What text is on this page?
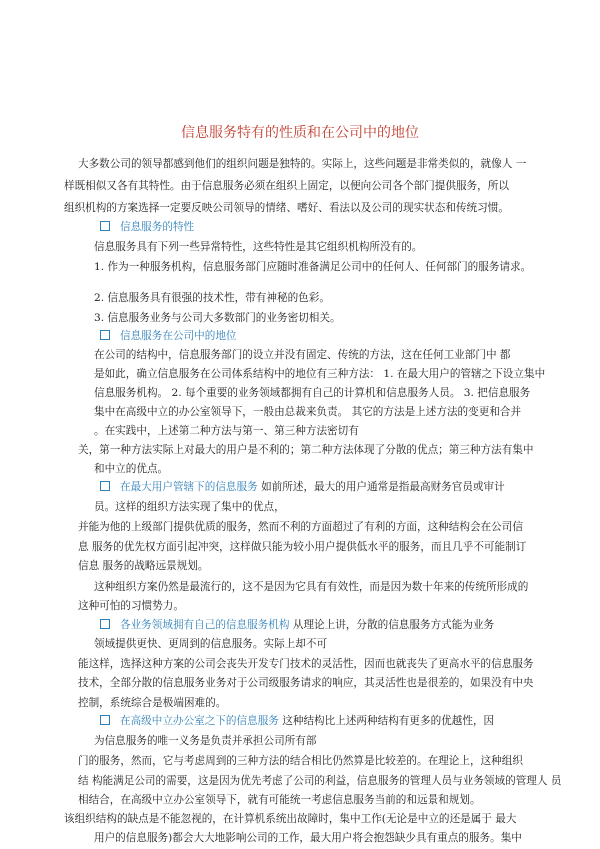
信息服务特有的性质和在公司中的地位
大多数公司的领导都感到他们的组织问题是独特的。实际上，这些问题是非常类似的，就像人 一
样既相似又各有其特性。由于信息服务必须在组织上固定，以便向公司各个部门提供服务，所以
组织机构的方案选择一定要反映公司领导的情绪、嗜好、看法以及公司的现实状态和传统习惯。
信息服务的特性
信息服务具有下列一些异常特性，这些特性是其它组织机构所没有的。
1. 作为一种服务机构，信息服务部门应随时准备满足公司中的任何人、任何部门的服务请求。
2. 信息服务具有很强的技术性，带有神秘的色彩。
3. 信息服务业务与公司大多数部门的业务密切相关。
信息服务在公司中的地位
在公司的结构中，信息服务部门的设立并没有固定、传统的方法，这在任何工业部门中 都
是如此，确立信息服务在公司体系结构中的地位有三种方法： 1. 在最大用户的管辖之下设立集中
信息服务机构。 2. 每个重要的业务领域都拥有自己的计算机和信息服务人员。 3. 把信息服务
集中在高级中立的办公室领导下，一般由总裁来负责。 其它的方法是上述方法的变更和合并
。在实践中，上述第二种方法与第一、第三种方法密切有
关，第一种方法实际上对最大的用户是不利的；第二种方法体现了分散的优点；第三种方法有集中
和中立的优点。
在最大用户管辖下的信息服务 如前所述，最大的用户通常是指最高财务官员或审计
员。这样的组织方法实现了集中的优点，
并能为他的上级部门提供优质的服务，然而不利的方面超过了有利的方面，这种结构会在公司信
息 服务的优先权方面引起冲突，这样做只能为较小用户提供低水平的服务，而且几乎不可能制订
信息 服务的战略远景规划。
这种组织方案仍然是最流行的，这不是因为它具有有效性，而是因为数十年来的传统所形成的
这种可怕的习惯势力。
各业务领域拥有自己的信息服务机构 从理论上讲，分散的信息服务方式能为业务
领域提供更快、更周到的信息服务。实际上却不可
能这样，选择这种方案的公司会丧失开发专门技术的灵活性，因而也就丧失了更高水平的信息服务
技术，全部分散的信息服务业务对于公司级服务请求的响应，其灵活性也是很差的，如果没有中央
控制，系统综合是极端困难的。
在高级中立办公室之下的信息服务 这种结构比上述两种结构有更多的优越性，因
为信息服务的唯一义务是负责并承担公司所有部
门的服务，然而，它与考虑周到的三种方法的结合相比仍然算是比较差的。在理论上，这种组织
结 构能满足公司的需要，这是因为优先考虑了公司的利益，信息服务的管理人员与业务领域的管理人 员
相结合，在高级中立办公室领导下，就有可能统一考虑信息服务当前的和远景和规划。
该组织结构的缺点是不能忽视的，在计算机系统出故障时，集中工作(无论是中立的还是属于 最大
用户的信息服务)都会大大地影响公司的工作，最大用户将会抱怨缺少具有重点的服务。集中
